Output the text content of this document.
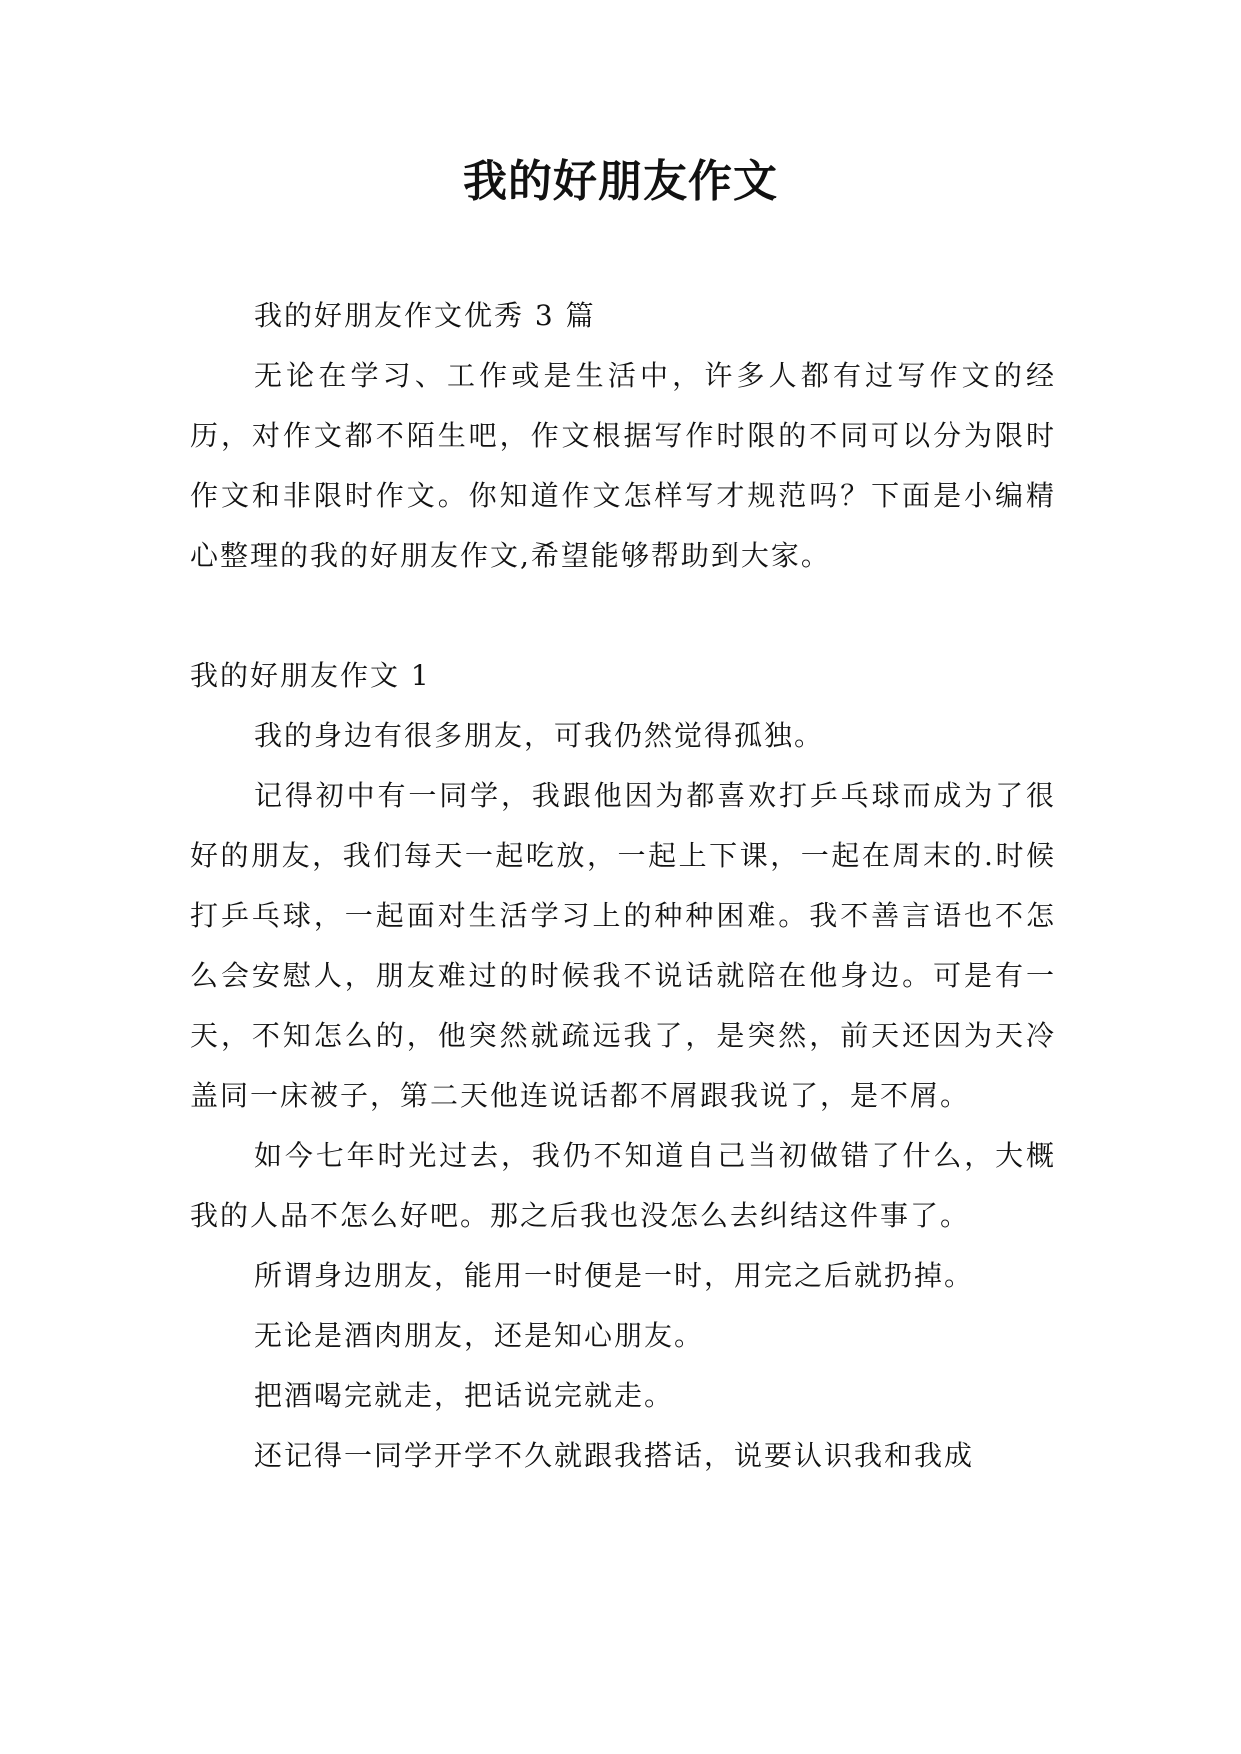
我的好朋友作文

我的好朋友作文优秀 3 篇

无论在学习、工作或是生活中，许多人都有过写作文的经历，对作文都不陌生吧，作文根据写作时限的不同可以分为限时作文和非限时作文。你知道作文怎样写才规范吗？下面是小编精心整理的我的好朋友作文,希望能够帮助到大家。

我的好朋友作文 1

我的身边有很多朋友，可我仍然觉得孤独。

记得初中有一同学，我跟他因为都喜欢打乒乓球而成为了很好的朋友，我们每天一起吃放，一起上下课，一起在周末的.时候打乒乓球，一起面对生活学习上的种种困难。我不善言语也不怎么会安慰人，朋友难过的时候我不说话就陪在他身边。可是有一天，不知怎么的，他突然就疏远我了，是突然，前天还因为天冷盖同一床被子，第二天他连说话都不屑跟我说了，是不屑。

如今七年时光过去，我仍不知道自己当初做错了什么，大概我的人品不怎么好吧。那之后我也没怎么去纠结这件事了。

所谓身边朋友，能用一时便是一时，用完之后就扔掉。

无论是酒肉朋友，还是知心朋友。

把酒喝完就走，把话说完就走。

还记得一同学开学不久就跟我搭话，说要认识我和我成
